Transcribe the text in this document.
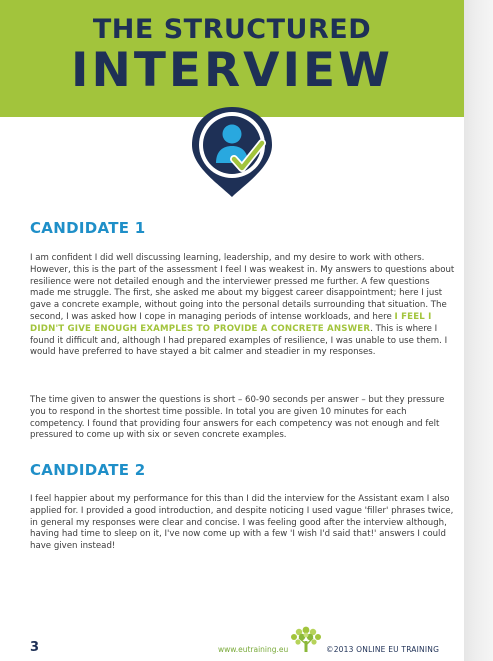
THE STRUCTURED
INTERVIEW
CANDIDATE 1

I am confident I did well discussing learning, leadership, and my desire to work with others. However, this is the part of the assessment I feel I was weakest in. My answers to questions about resilience were not detailed enough and the interviewer pressed me further. A few questions made me struggle. The first, she asked me about my biggest career disappointment; here I just gave a concrete example, without going into the personal details surrounding that situation. The second, I was asked how I cope in managing periods of intense workloads, and here I FEEL I DIDN'T GIVE ENOUGH EXAMPLES TO PROVIDE A CONCRETE ANSWER. This is where I found it difficult and, although I had prepared examples of resilience, I was unable to use them. I would have preferred to have stayed a bit calmer and steadier in my responses.

The time given to answer the questions is short – 60-90 seconds per answer – but they pressure you to respond in the shortest time possible. In total you are given 10 minutes for each competency. I found that providing four answers for each competency was not enough and felt pressured to come up with six or seven concrete examples.

CANDIDATE 2

I feel happier about my performance for this than I did the interview for the Assistant exam I also applied for. I provided a good introduction, and despite noticing I used vague 'filler' phrases twice, in general my responses were clear and concise. I was feeling good after the interview although, having had time to sleep on it, I've now come up with a few 'I wish I'd said that!' answers I could have given instead!

3	www.eutraining.eu	©2013 ONLINE EU TRAINING
